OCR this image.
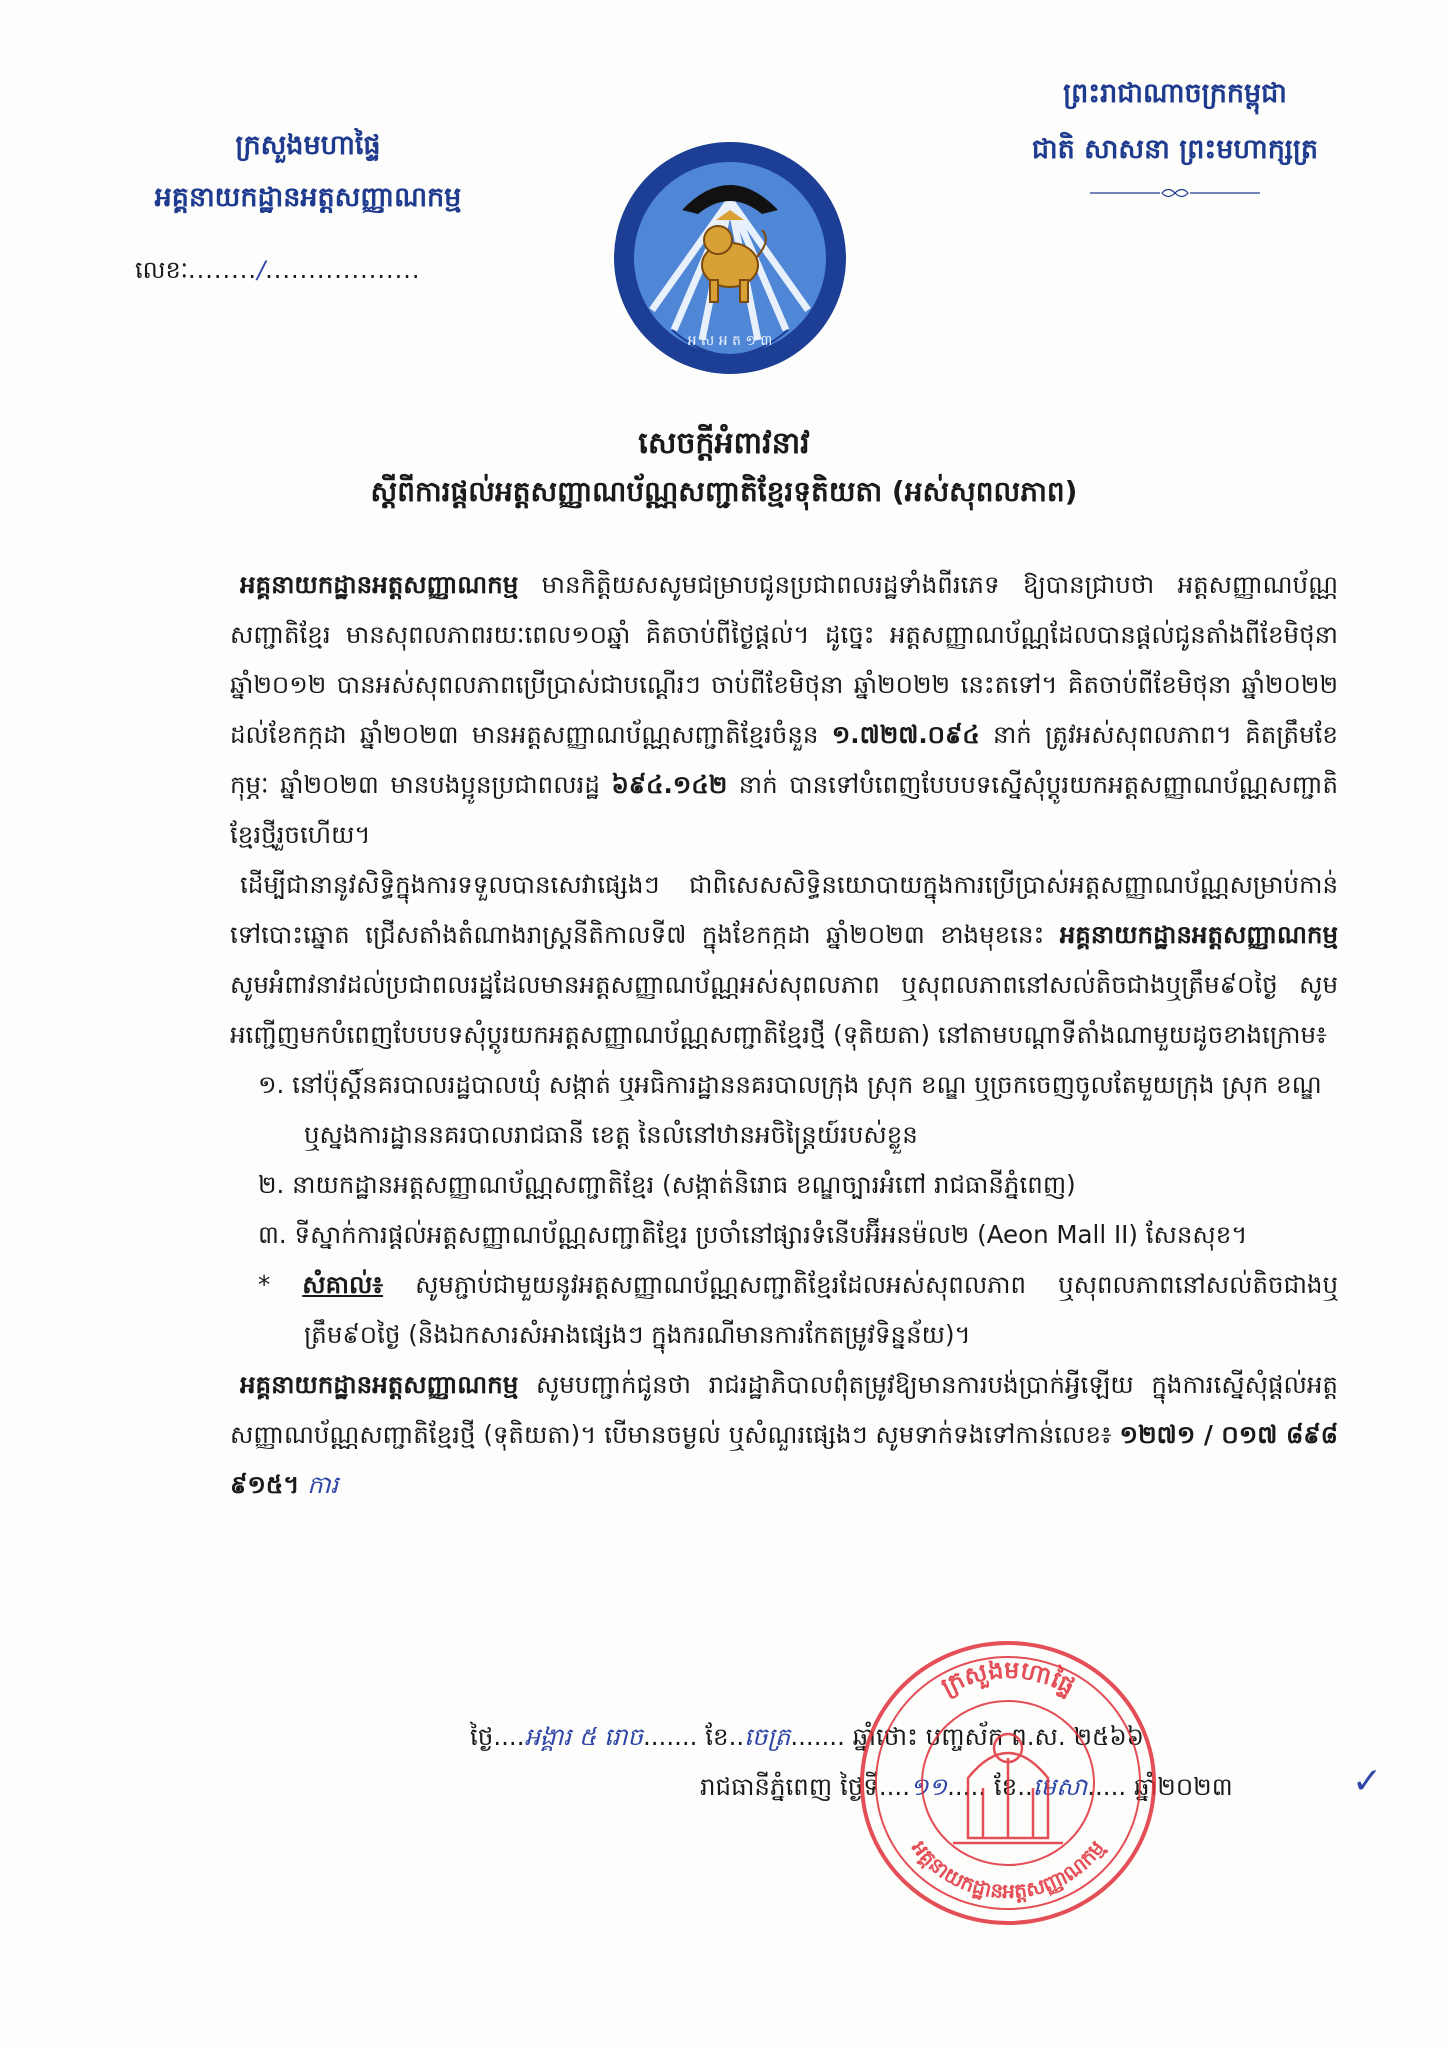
ក្រសួងមហាផ្ទៃ
អគ្គនាយកដ្ឋានអត្តសញ្ញាណកម្ម
លេខៈ......../..................
អ ស អ ត ១ ៣
ព្រះរាជាណាចក្រកម្ពុជា
ជាតិ សាសនា ព្រះមហាក្សត្រ
សេចក្តីអំពាវនាវ
ស្តីពីការផ្តល់អត្តសញ្ញាណប័ណ្ណសញ្ជាតិខ្មែរទុតិយតា (អស់សុពលភាព)

អគ្គនាយកដ្ឋានអត្តសញ្ញាណកម្ម មានកិត្តិយសសូមជម្រាបជូនប្រជាពលរដ្ឋទាំងពីរភេទ ឱ្យបានជ្រាបថា អត្តសញ្ញាណប័ណ្ណសញ្ជាតិខ្មែរ មានសុពលភាពរយៈពេល១០ឆ្នាំ គិតចាប់ពីថ្ងៃផ្តល់។ ដូច្នេះ អត្តសញ្ញាណប័ណ្ណដែលបានផ្តល់ជូនតាំងពីខែមិថុនា ឆ្នាំ២០១២ បានអស់សុពលភាពប្រើប្រាស់ជាបណ្តើរៗ ចាប់ពីខែមិថុនា ឆ្នាំ២០២២ នេះតទៅ។ គិតចាប់ពីខែមិថុនា ឆ្នាំ២០២២ ដល់ខែកក្កដា ឆ្នាំ២០២៣ មានអត្តសញ្ញាណប័ណ្ណសញ្ជាតិខ្មែរចំនួន ១.៧២៧.០៩៤ នាក់ ត្រូវអស់សុពលភាព។ គិតត្រឹមខែកុម្ភៈ ឆ្នាំ២០២៣ មានបងប្អូនប្រជាពលរដ្ឋ ៦៩៤.១៤២ នាក់ បានទៅបំពេញបែបបទស្នើសុំប្តូរយកអត្តសញ្ញាណប័ណ្ណសញ្ជាតិខ្មែរថ្មីរួចហើយ។

ដើម្បីជានានូវសិទ្ធិក្នុងការទទួលបានសេវាផ្សេងៗ ជាពិសេសសិទ្ធិនយោបាយក្នុងការប្រើប្រាស់អត្តសញ្ញាណប័ណ្ណសម្រាប់កាន់ទៅបោះឆ្នោត ជ្រើសតាំងតំណាងរាស្ត្រនីតិកាលទី៧ ក្នុងខែកក្កដា ឆ្នាំ២០២៣ ខាងមុខនេះ អគ្គនាយកដ្ឋានអត្តសញ្ញាណកម្ម សូមអំពាវនាវដល់ប្រជាពលរដ្ឋដែលមានអត្តសញ្ញាណប័ណ្ណអស់សុពលភាព ឬសុពលភាពនៅសល់តិចជាងឬត្រឹម៩០ថ្ងៃ សូមអញ្ជើញមកបំពេញបែបបទសុំប្តូរយកអត្តសញ្ញាណប័ណ្ណសញ្ជាតិខ្មែរថ្មី (ទុតិយតា) នៅតាមបណ្តាទីតាំងណាមួយដូចខាងក្រោម៖

១. នៅប៉ុស្តិ៍នគរបាលរដ្ឋបាលឃុំ សង្កាត់ ឬអធិការដ្ឋាននគរបាលក្រុង ស្រុក ខណ្ឌ ឬច្រកចេញចូលតែមួយក្រុង ស្រុក ខណ្ឌ ឬស្នងការដ្ឋាននគរបាលរាជធានី ខេត្ត នៃលំនៅឋានអចិន្ត្រៃយ៍របស់ខ្លួន
២. នាយកដ្ឋានអត្តសញ្ញាណប័ណ្ណសញ្ជាតិខ្មែរ (សង្កាត់និរោធ ខណ្ឌច្បារអំពៅ រាជធានីភ្នំពេញ)
៣. ទីស្នាក់ការផ្តល់អត្តសញ្ញាណប័ណ្ណសញ្ជាតិខ្មែរ ប្រចាំនៅផ្សារទំនើបអ៊ីអនម៉ល២ (Aeon Mall II) សែនសុខ។

* សំគាល់៖ សូមភ្ជាប់ជាមួយនូវអត្តសញ្ញាណប័ណ្ណសញ្ជាតិខ្មែរដែលអស់សុពលភាព ឬសុពលភាពនៅសល់តិចជាងឬត្រឹម៩០ថ្ងៃ (និងឯកសារសំអាងផ្សេងៗ ក្នុងករណីមានការកែតម្រូវទិន្នន័យ)។

អគ្គនាយកដ្ឋានអត្តសញ្ញាណកម្ម សូមបញ្ជាក់ជូនថា រាជរដ្ឋាភិបាលពុំតម្រូវឱ្យមានការបង់ប្រាក់អ្វីឡើយ ក្នុងការស្នើសុំផ្តល់អត្តសញ្ញាណប័ណ្ណសញ្ជាតិខ្មែរថ្មី (ទុតិយតា)។ បើមានចម្ងល់ ឬសំណួរផ្សេងៗ សូមទាក់ទងទៅកាន់លេខ៖ ១២៧១ / ០១៧ ៨៩៨ ៩១៥។ ការ

ថ្ងៃ....អង្គារ ៥ រោច....... ខែ..ចេត្រ....... ឆ្នាំថោះ បញ្ចស័ក ព.ស. ២៥៦៦
រាជធានីភ្នំពេញ ថ្ងៃទី....១១..... ខែ..មេសា..... ឆ្នាំ២០២៣	✓
ក្រសួងមហាផ្ទៃ
អគ្គនាយកដ្ឋានអត្តសញ្ញាណកម្ម
